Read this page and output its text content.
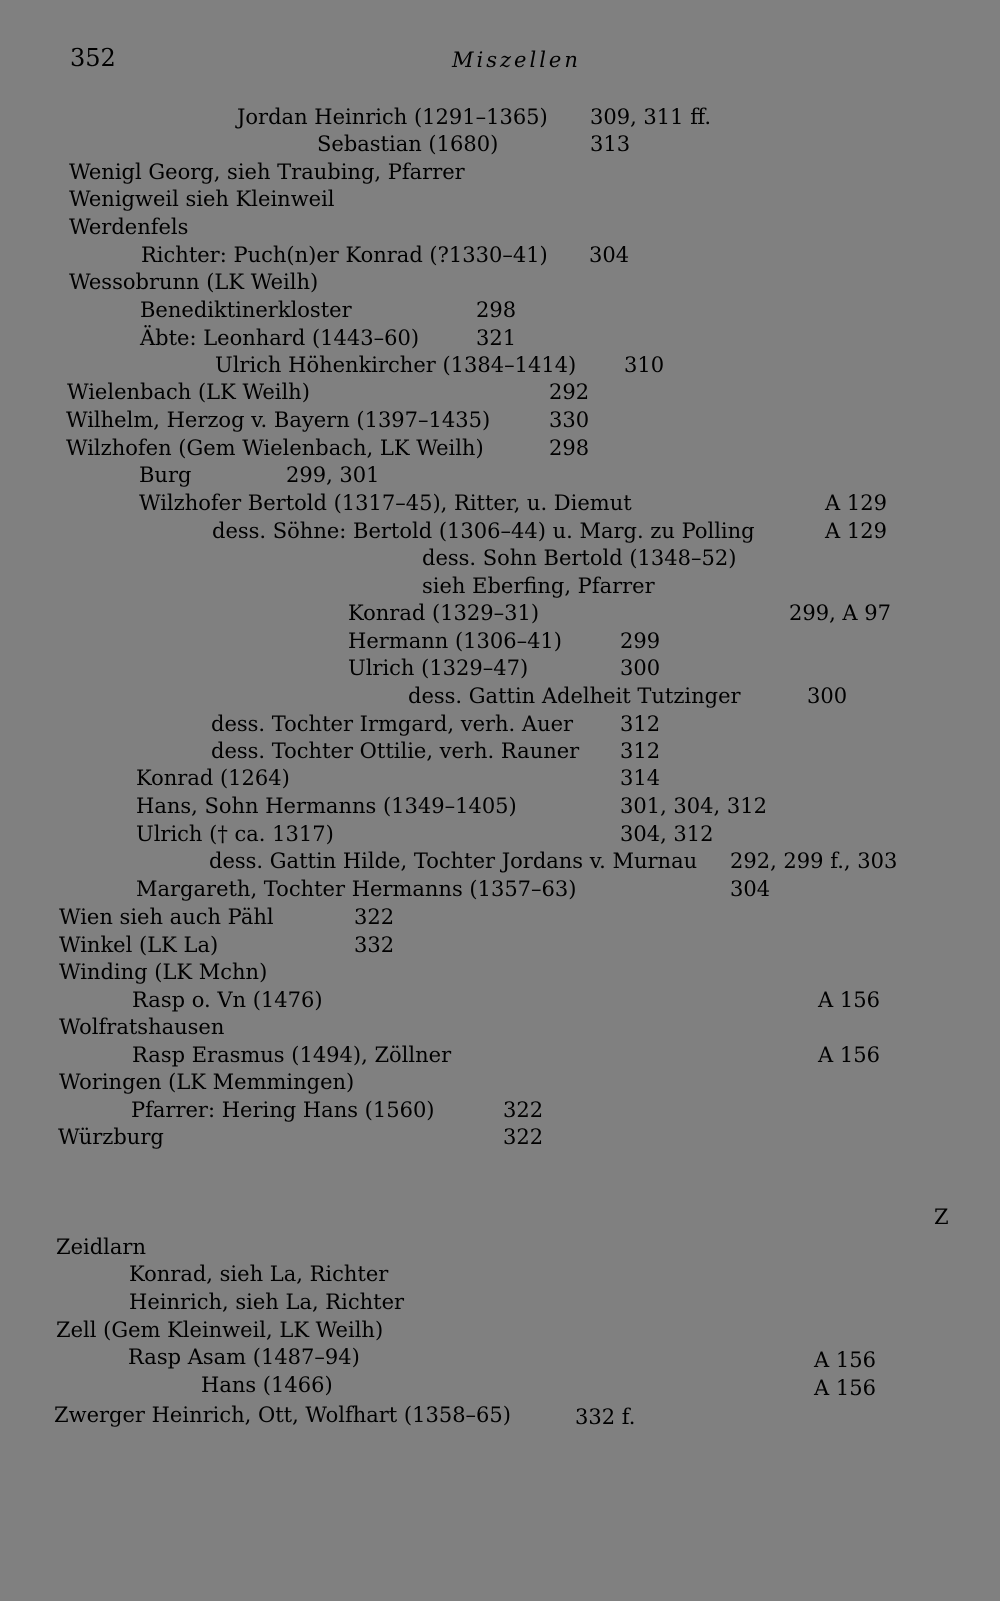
352	Miszellen
Jordan Heinrich (1291–1365) 309, 311 ff.
Sebastian (1680)	313
Wenigl Georg, sieh Traubing, Pfarrer
Wenigweil sieh Kleinweil
Werdenfels
Richter: Puch(n)er Konrad (?1330–41) 304
Wessobrunn (LK Weilh)
Benediktinerkloster	298
Äbte: Leonhard (1443–60)	321
Ulrich Höhenkircher (1384–1414) 310
Wielenbach (LK Weilh)	292
Wilhelm, Herzog v. Bayern (1397–1435)	330
Wilzhofen (Gem Wielenbach, LK Weilh)	298
Burg	299, 301
Wilzhofer Bertold (1317–45), Ritter, u. Diemut	A 129
dess. Söhne: Bertold (1306–44) u. Marg. zu Polling	A 129
dess. Sohn Bertold (1348–52)
sieh Eberfing, Pfarrer
Konrad (1329–31)	299, A 97
Hermann (1306–41)	299
Ulrich (1329–47)	300
dess. Gattin Adelheit Tutzinger	300
dess. Tochter Irmgard, verh. Auer 312
dess. Tochter Ottilie, verh. Rauner 312
Konrad (1264)	314
Hans, Sohn Hermanns (1349–1405)	301, 304, 312
Ulrich († ca. 1317)	304, 312
dess. Gattin Hilde, Tochter Jordans v. Murnau 292, 299 f., 303
Margareth, Tochter Hermanns (1357–63)	304
Wien sieh auch Pähl	322
Winkel (LK La)	332
Winding (LK Mchn)
Rasp o. Vn (1476)	A 156
Wolfratshausen
Rasp Erasmus (1494), Zöllner	A 156
Woringen (LK Memmingen)
Pfarrer: Hering Hans (1560)	322
Würzburg	322
Zeidlarn
Konrad, sieh La, Richter
Heinrich, sieh La, Richter
Zell (Gem Kleinweil, LK Weilh)
Rasp Asam (1487–94)	A 156
Hans (1466)	A 156
Zwerger Heinrich, Ott, Wolfhart (1358–65)	332 f.
Z
